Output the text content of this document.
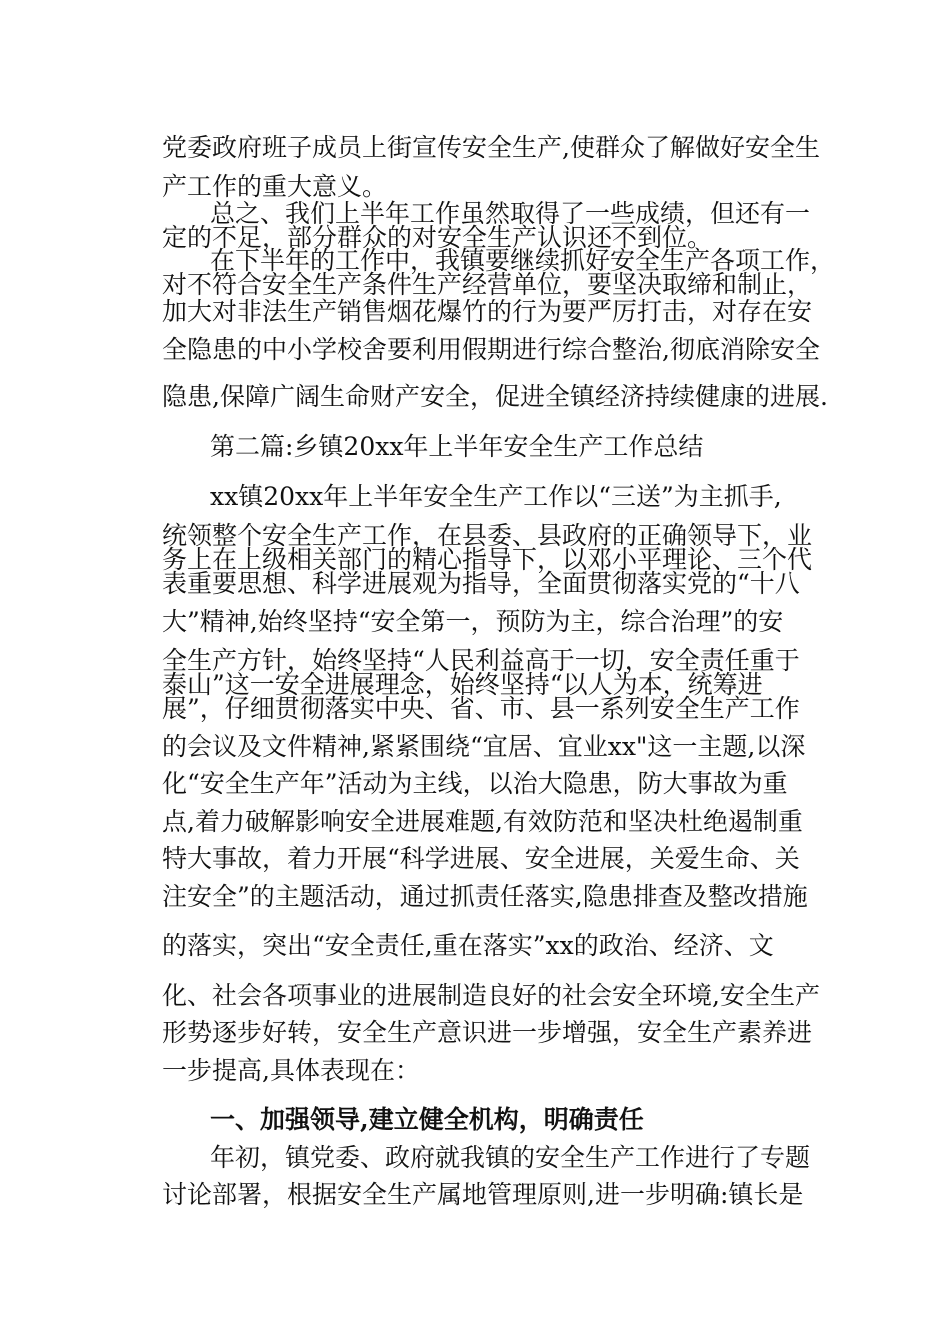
党委政府班子成员上街宣传安全生产,使群众了解做好安全生
产工作的重大意义。
总之、我们上半年工作虽然取得了一些成绩，但还有一
定的不足，部分群众的对安全生产认识还不到位。
在下半年的工作中，我镇要继续抓好安全生产各项工作，
对不符合安全生产条件生产经营单位，要坚决取缔和制止，
加大对非法生产销售烟花爆竹的行为要严厉打击，对存在安
全隐患的中小学校舍要利用假期进行综合整治,彻底消除安全
隐患,保障广阔生命财产安全，促进全镇经济持续健康的进展.
第二篇:乡镇20xx年上半年安全生产工作总结
xx镇20xx年上半年安全生产工作以“三送”为主抓手,
统领整个安全生产工作，在县委、县政府的正确领导下，业
务上在上级相关部门的精心指导下，以邓小平理论、三个代
表重要思想、科学进展观为指导，全面贯彻落实党的“十八
大”精神,始终坚持“安全第一，预防为主，综合治理”的安
全生产方针，始终坚持“人民利益高于一切，安全责任重于
泰山”这一安全进展理念，始终坚持“以人为本，统筹进
展”，仔细贯彻落实中央、省、市、县一系列安全生产工作
的会议及文件精神,紧紧围绕“宜居、宜业xx"这一主题,以深
化“安全生产年”活动为主线，以治大隐患，防大事故为重
点,着力破解影响安全进展难题,有效防范和坚决杜绝遏制重
特大事故，着力开展“科学进展、安全进展，关爱生命、关
注安全”的主题活动，通过抓责任落实,隐患排查及整改措施
的落实，突出“安全责任,重在落实”xx的政治、经济、文
化、社会各项事业的进展制造良好的社会安全环境,安全生产
形势逐步好转，安全生产意识进一步增强，安全生产素养进
一步提高,具体表现在：
一、加强领导,建立健全机构，明确责任
年初，镇党委、政府就我镇的安全生产工作进行了专题
讨论部署，根据安全生产属地管理原则,进一步明确:镇长是
